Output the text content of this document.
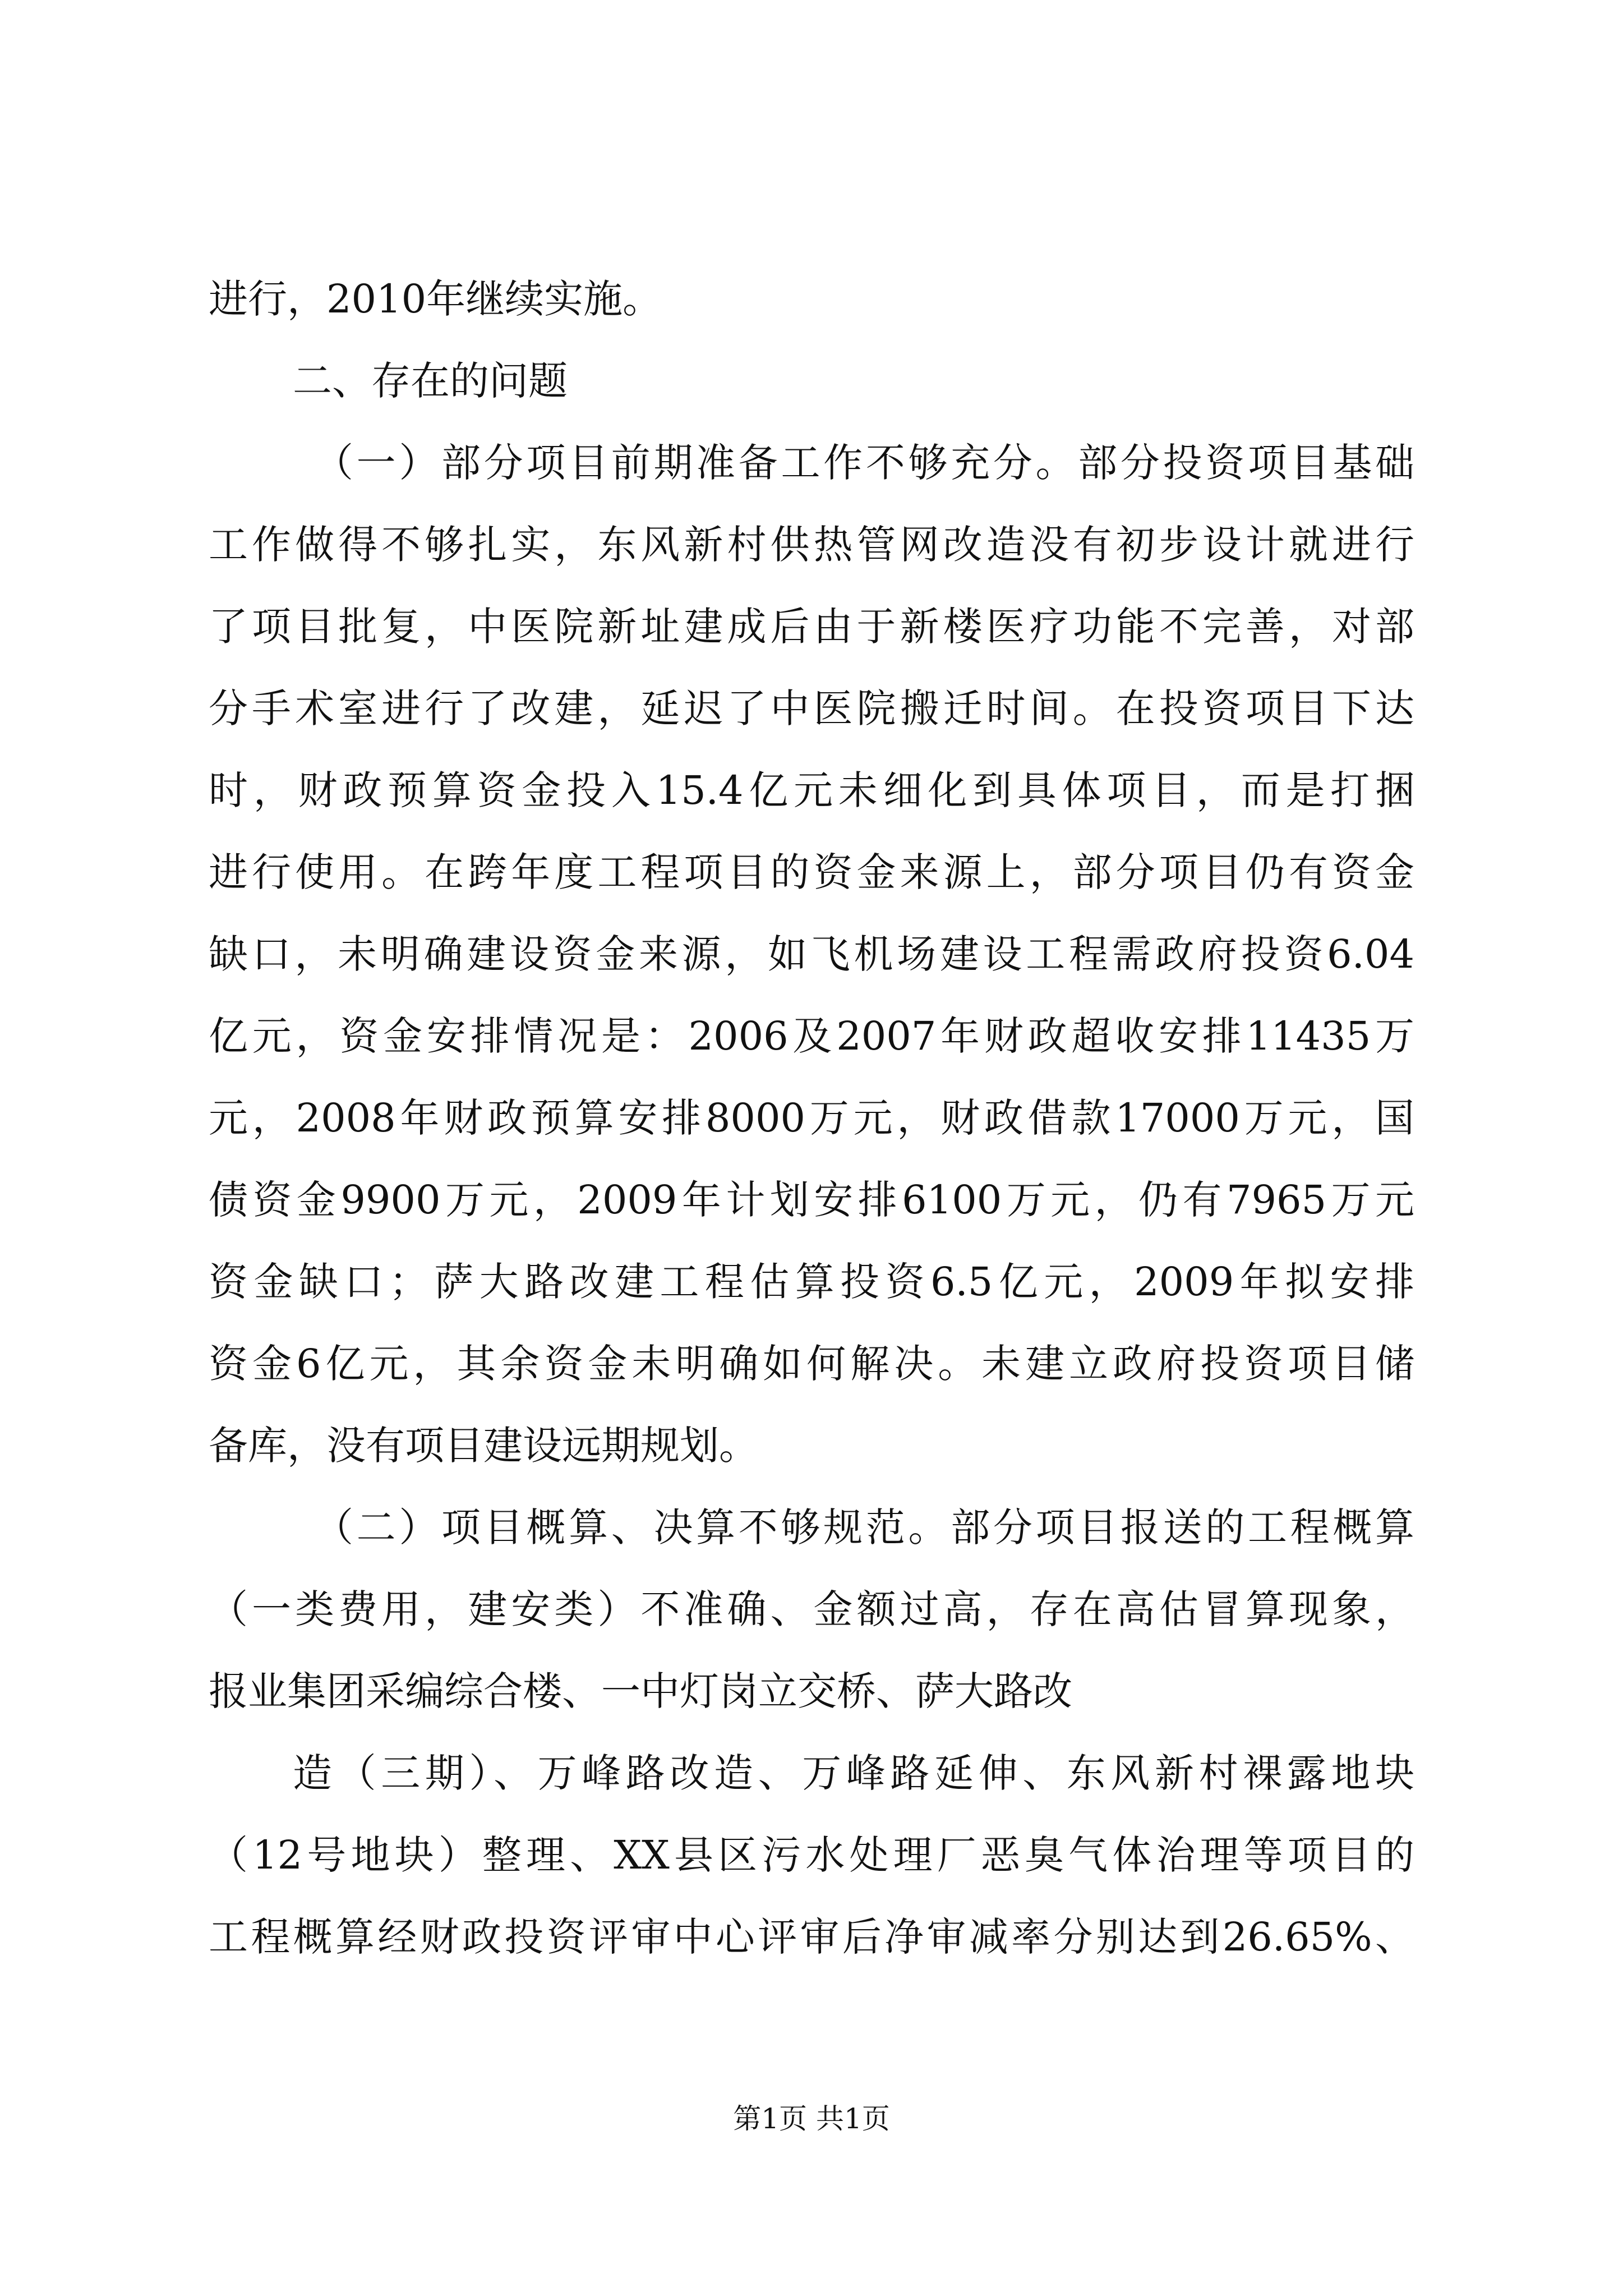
进行，2010年继续实施。
二、存在的问题
（一）部分项目前期准备工作不够充分。部分投资项目基础
工作做得不够扎实，东风新村供热管网改造没有初步设计就进行
了项目批复，中医院新址建成后由于新楼医疗功能不完善，对部
分手术室进行了改建，延迟了中医院搬迁时间。在投资项目下达
时，财政预算资金投入15.4亿元未细化到具体项目，而是打捆
进行使用。在跨年度工程项目的资金来源上，部分项目仍有资金
缺口，未明确建设资金来源，如飞机场建设工程需政府投资6.04
亿元，资金安排情况是：2006及2007年财政超收安排11435万
元，2008年财政预算安排8000万元，财政借款17000万元，国
债资金9900万元，2009年计划安排6100万元，仍有7965万元
资金缺口；萨大路改建工程估算投资6.5亿元，2009年拟安排
资金6亿元，其余资金未明确如何解决。未建立政府投资项目储
备库，没有项目建设远期规划。
（二）项目概算、决算不够规范。部分项目报送的工程概算
（一类费用，建安类）不准确、金额过高，存在高估冒算现象，
报业集团采编综合楼、一中灯岗立交桥、萨大路改
造（三期）、万峰路改造、万峰路延伸、东风新村裸露地块
（12号地块）整理、XX县区污水处理厂恶臭气体治理等项目的
工程概算经财政投资评审中心评审后净审减率分别达到26.65%、
第1页 共1页
